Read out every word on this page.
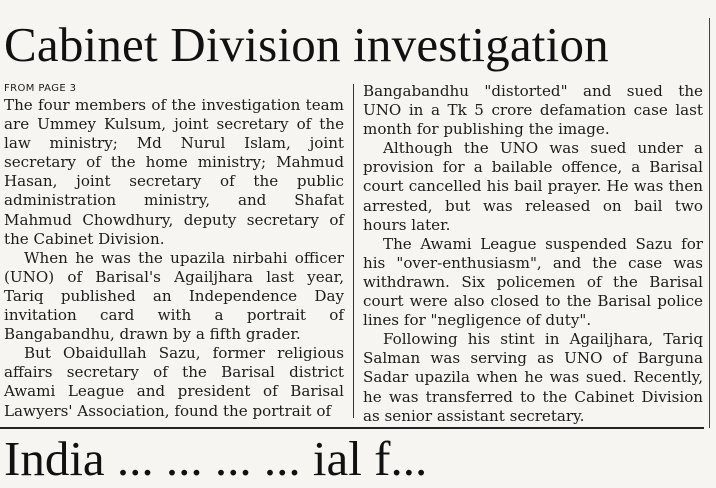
Cabinet Division investigation
FROM PAGE 3

The four members of the investigation team are Ummey Kulsum, joint secretary of the law ministry; Md Nurul Islam, joint secretary of the home ministry; Mahmud Hasan, joint secretary of the public administration ministry, and Shafat Mahmud Chowdhury, deputy secretary of the Cabinet Division.

When he was the upazila nirbahi officer (UNO) of Barisal's Agailjhara last year, Tariq published an Independence Day invitation card with a portrait of Bangabandhu, drawn by a fifth grader.

But Obaidullah Sazu, former religious affairs secretary of the Barisal district Awami League and president of Barisal Lawyers' Association, found the portrait of

Bangabandhu "distorted" and sued the UNO in a Tk 5 crore defamation case last month for publishing the image.

Although the UNO was sued under a provision for a bailable offence, a Barisal court cancelled his bail prayer. He was then arrested, but was released on bail two hours later.

The Awami League suspended Sazu for his "over-enthusiasm", and the case was withdrawn. Six policemen of the Barisal court were also closed to the Barisal police lines for "negligence of duty".

Following his stint in Agailjhara, Tariq Salman was serving as UNO of Barguna Sadar upazila when he was sued. Recently, he was transferred to the Cabinet Division as senior assistant secretary.

India ... ... ... ... ial f...
